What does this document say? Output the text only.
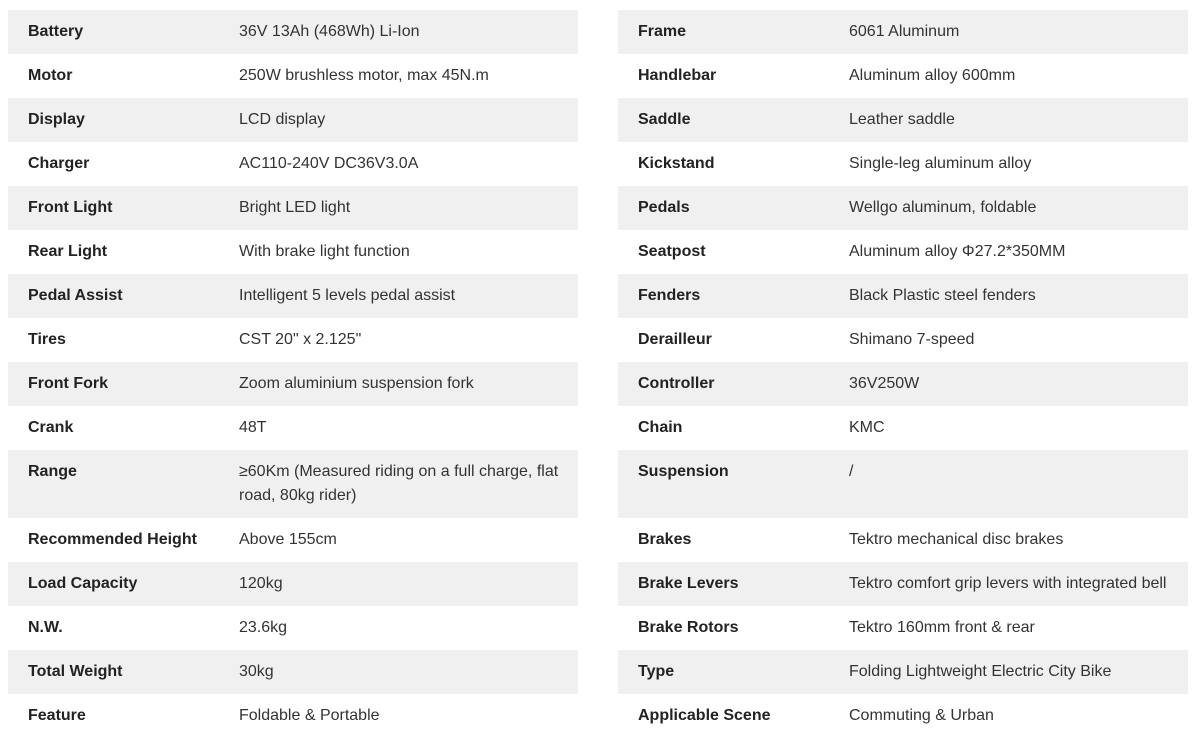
Battery	36V 13Ah (468Wh) Li-Ion
Motor	250W brushless motor, max 45N.m
Display	LCD display
Charger	AC110-240V DC36V3.0A
Front Light	Bright LED light
Rear Light	With brake light function
Pedal Assist	Intelligent 5 levels pedal assist
Tires	CST 20" x 2.125"
Front Fork	Zoom aluminium suspension fork
Crank	48T
Range	≥60Km (Measured riding on a full charge, flat road, 80kg rider)
Recommended Height	Above 155cm
Load Capacity	120kg
N.W.	23.6kg
Total Weight	30kg
Feature	Foldable & Portable
Frame	6061 Aluminum
Handlebar	Aluminum alloy 600mm
Saddle	Leather saddle
Kickstand	Single-leg aluminum alloy
Pedals	Wellgo aluminum, foldable
Seatpost	Aluminum alloy Φ27.2*350MM
Fenders	Black Plastic steel fenders
Derailleur	Shimano 7-speed
Controller	36V250W
Chain	KMC
Suspension	/
Brakes	Tektro mechanical disc brakes
Brake Levers	Tektro comfort grip levers with integrated bell
Brake Rotors	Tektro 160mm front & rear
Type	Folding Lightweight Electric City Bike
Applicable Scene	Commuting & Urban
